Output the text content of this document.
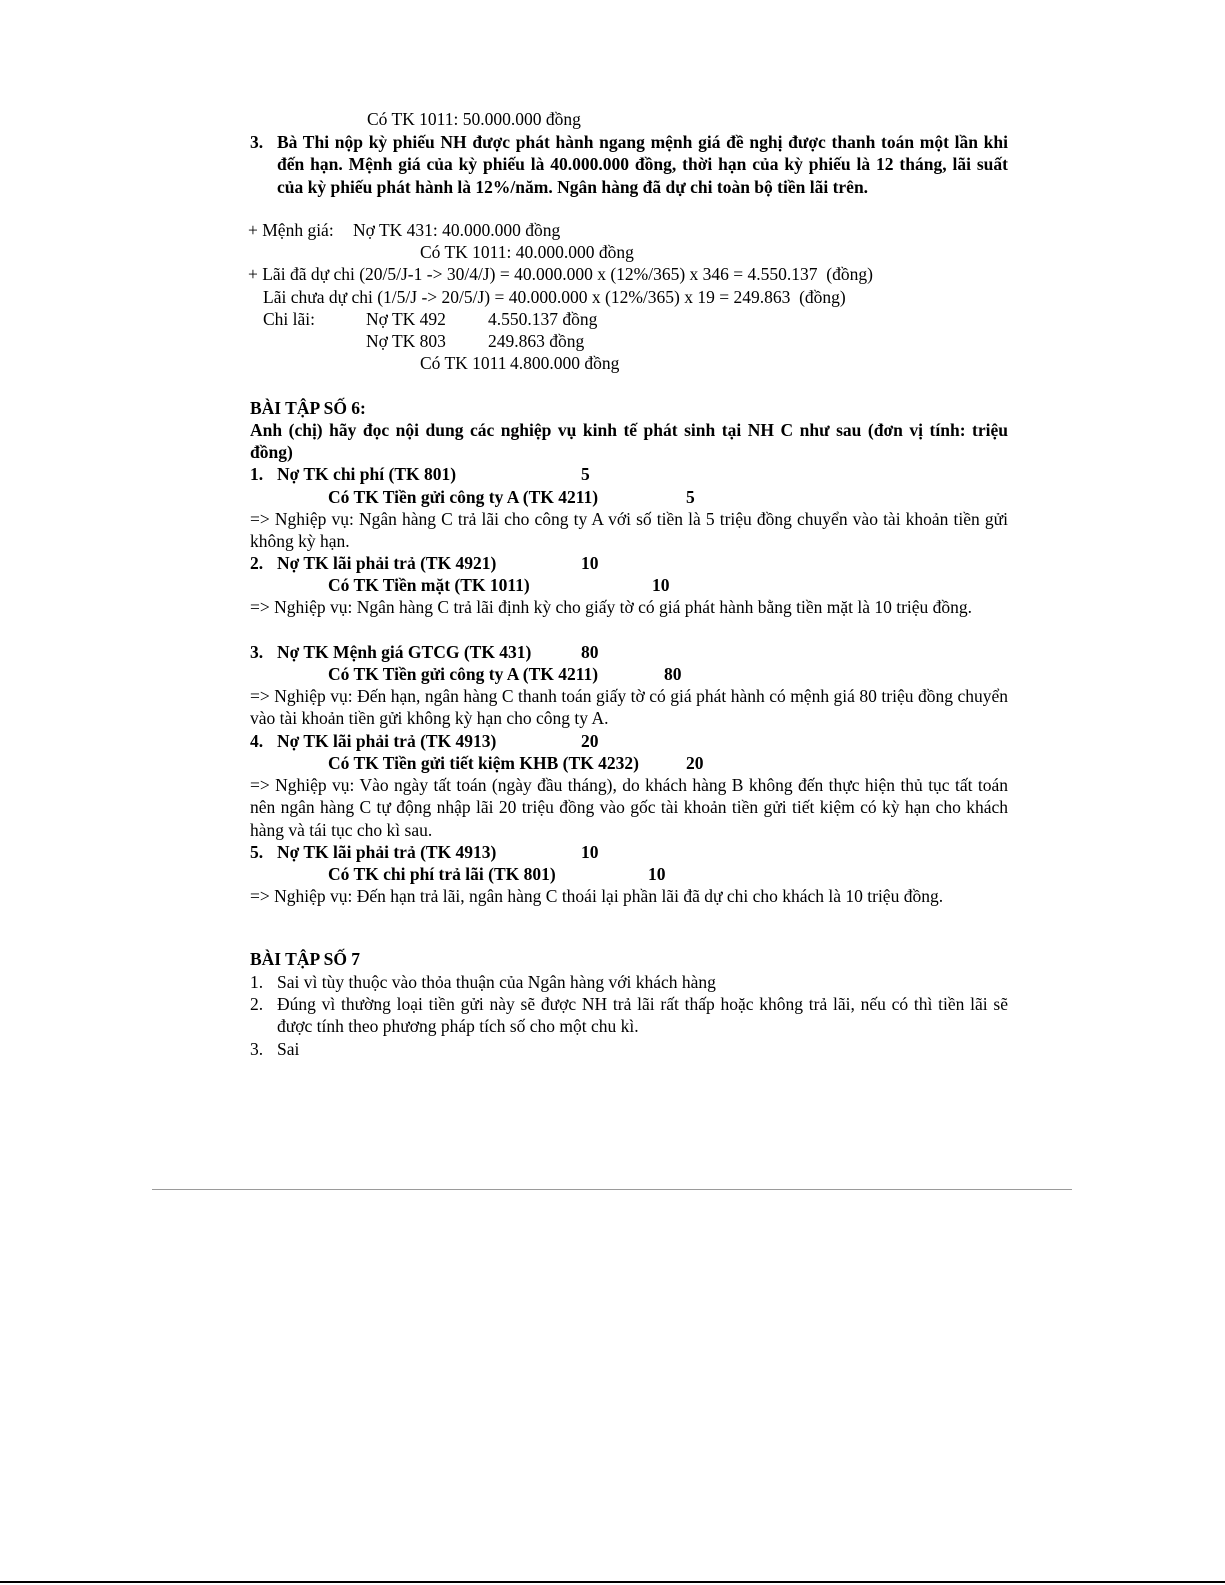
Có TK 1011: 50.000.000 đồng
3. Bà Thi nộp kỳ phiếu NH được phát hành ngang mệnh giá đề nghị được thanh toán một lần khi đến hạn. Mệnh giá của kỳ phiếu là 40.000.000 đồng, thời hạn của kỳ phiếu là 12 tháng, lãi suất của kỳ phiếu phát hành là 12%/năm. Ngân hàng đã dự chi toàn bộ tiền lãi trên.
+ Mệnh giá: Nợ TK 431: 40.000.000 đồng
Có TK 1011: 40.000.000 đồng
+ Lãi đã dự chi (20/5/J-1 -> 30/4/J) = 40.000.000 x (12%/365) x 346 = 4.550.137  (đồng)
Lãi chưa dự chi (1/5/J -> 20/5/J) = 40.000.000 x (12%/365) x 19 = 249.863  (đồng)
Chi lãi:	Nợ TK 492 4.550.137 đồng
Nợ TK 803 249.863 đồng
Có TK 1011 4.800.000 đồng
BÀI TẬP SỐ 6:
Anh (chị) hãy đọc nội dung các nghiệp vụ kinh tế phát sinh tại NH C như sau (đơn vị tính: triệu đồng)
1. Nợ TK chi phí (TK 801)	5
Có TK Tiền gửi công ty A (TK 4211)	5
=> Nghiệp vụ: Ngân hàng C trả lãi cho công ty A với số tiền là 5 triệu đồng chuyển vào tài khoản tiền gửi không kỳ hạn.
2. Nợ TK lãi phải trả (TK 4921)	10
Có TK Tiền mặt (TK 1011)	10
=> Nghiệp vụ: Ngân hàng C trả lãi định kỳ cho giấy tờ có giá phát hành bằng tiền mặt là 10 triệu đồng.
3. Nợ TK Mệnh giá GTCG (TK 431)	80
Có TK Tiền gửi công ty A (TK 4211)	80
=> Nghiệp vụ: Đến hạn, ngân hàng C thanh toán giấy tờ có giá phát hành có mệnh giá 80 triệu đồng chuyển vào tài khoản tiền gửi không kỳ hạn cho công ty A.
4. Nợ TK lãi phải trả (TK 4913)	20
Có TK Tiền gửi tiết kiệm KHB (TK 4232)	20
=> Nghiệp vụ: Vào ngày tất toán (ngày đầu tháng), do khách hàng B không đến thực hiện thủ tục tất toán nên ngân hàng C tự động nhập lãi 20 triệu đồng vào gốc tài khoản tiền gửi tiết kiệm có kỳ hạn cho khách hàng và tái tục cho kì sau.
5. Nợ TK lãi phải trả (TK 4913)	10
Có TK chi phí trả lãi (TK 801)	10
=> Nghiệp vụ: Đến hạn trả lãi, ngân hàng C thoái lại phần lãi đã dự chi cho khách là 10 triệu đồng.
BÀI TẬP SỐ 7
1. Sai vì tùy thuộc vào thỏa thuận của Ngân hàng với khách hàng
2. Đúng vì thường loại tiền gửi này sẽ được NH trả lãi rất thấp hoặc không trả lãi, nếu có thì tiền lãi sẽ được tính theo phương pháp tích số cho một chu kì.
3. Sai
